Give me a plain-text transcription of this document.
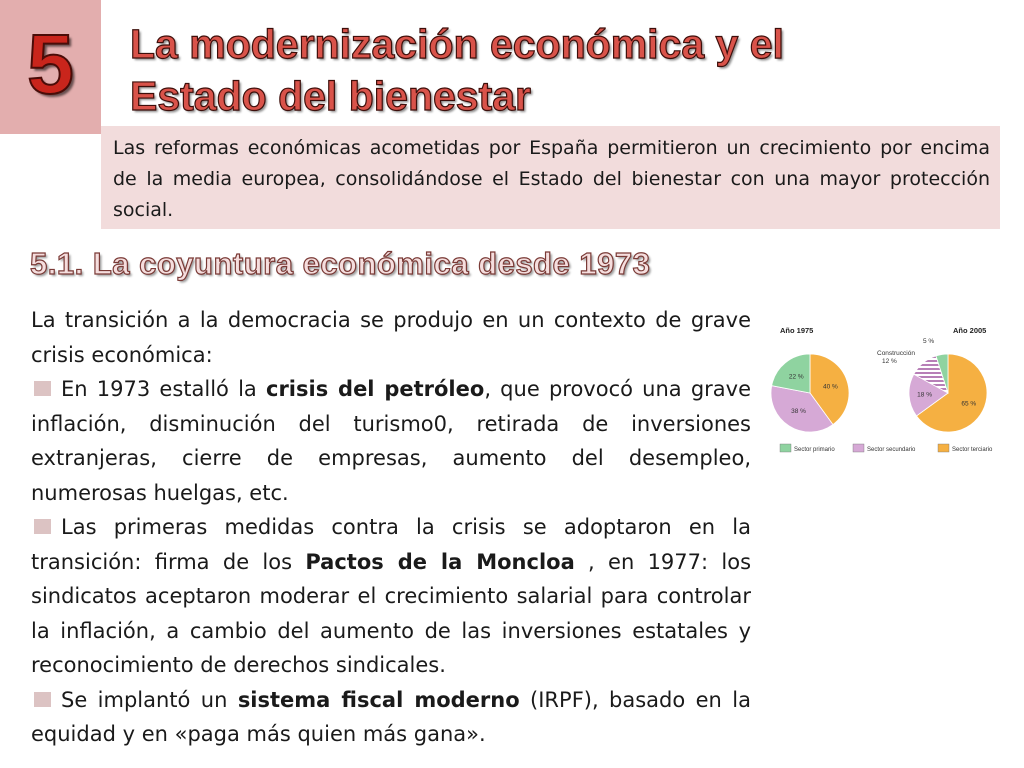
5 La modernización económica y el
Estado del bienestar
Las reformas económicas acometidas por España permitieron un crecimiento por encima de la media europea, consolidándose el Estado del bienestar con una mayor protección social.
5.1. La coyuntura económica desde 1973

La transición a la democracia se produjo en un contexto de grave crisis económica:

En 1973 estalló la crisis del petróleo, que provocó una grave inflación, disminución del turismo0, retirada de inversiones extranjeras, cierre de empresas, aumento del desempleo, numerosas huelgas, etc.

Las primeras medidas contra la crisis se adoptaron en la transición: firma de los Pactos de la Moncloa , en 1977: los sindicatos aceptaron moderar el crecimiento salarial para controlar la inflación, a cambio del aumento de las inversiones estatales y reconocimiento de derechos sindicales.

Se implantó un sistema fiscal moderno (IRPF), basado en la equidad y en «paga más quien más gana».

40 %
38 %
22 %
65 %
18 %
Año 1975	Año 2005
Construcción
12 %
5 %
Sector primario	Sector secundario	Sector terciario
